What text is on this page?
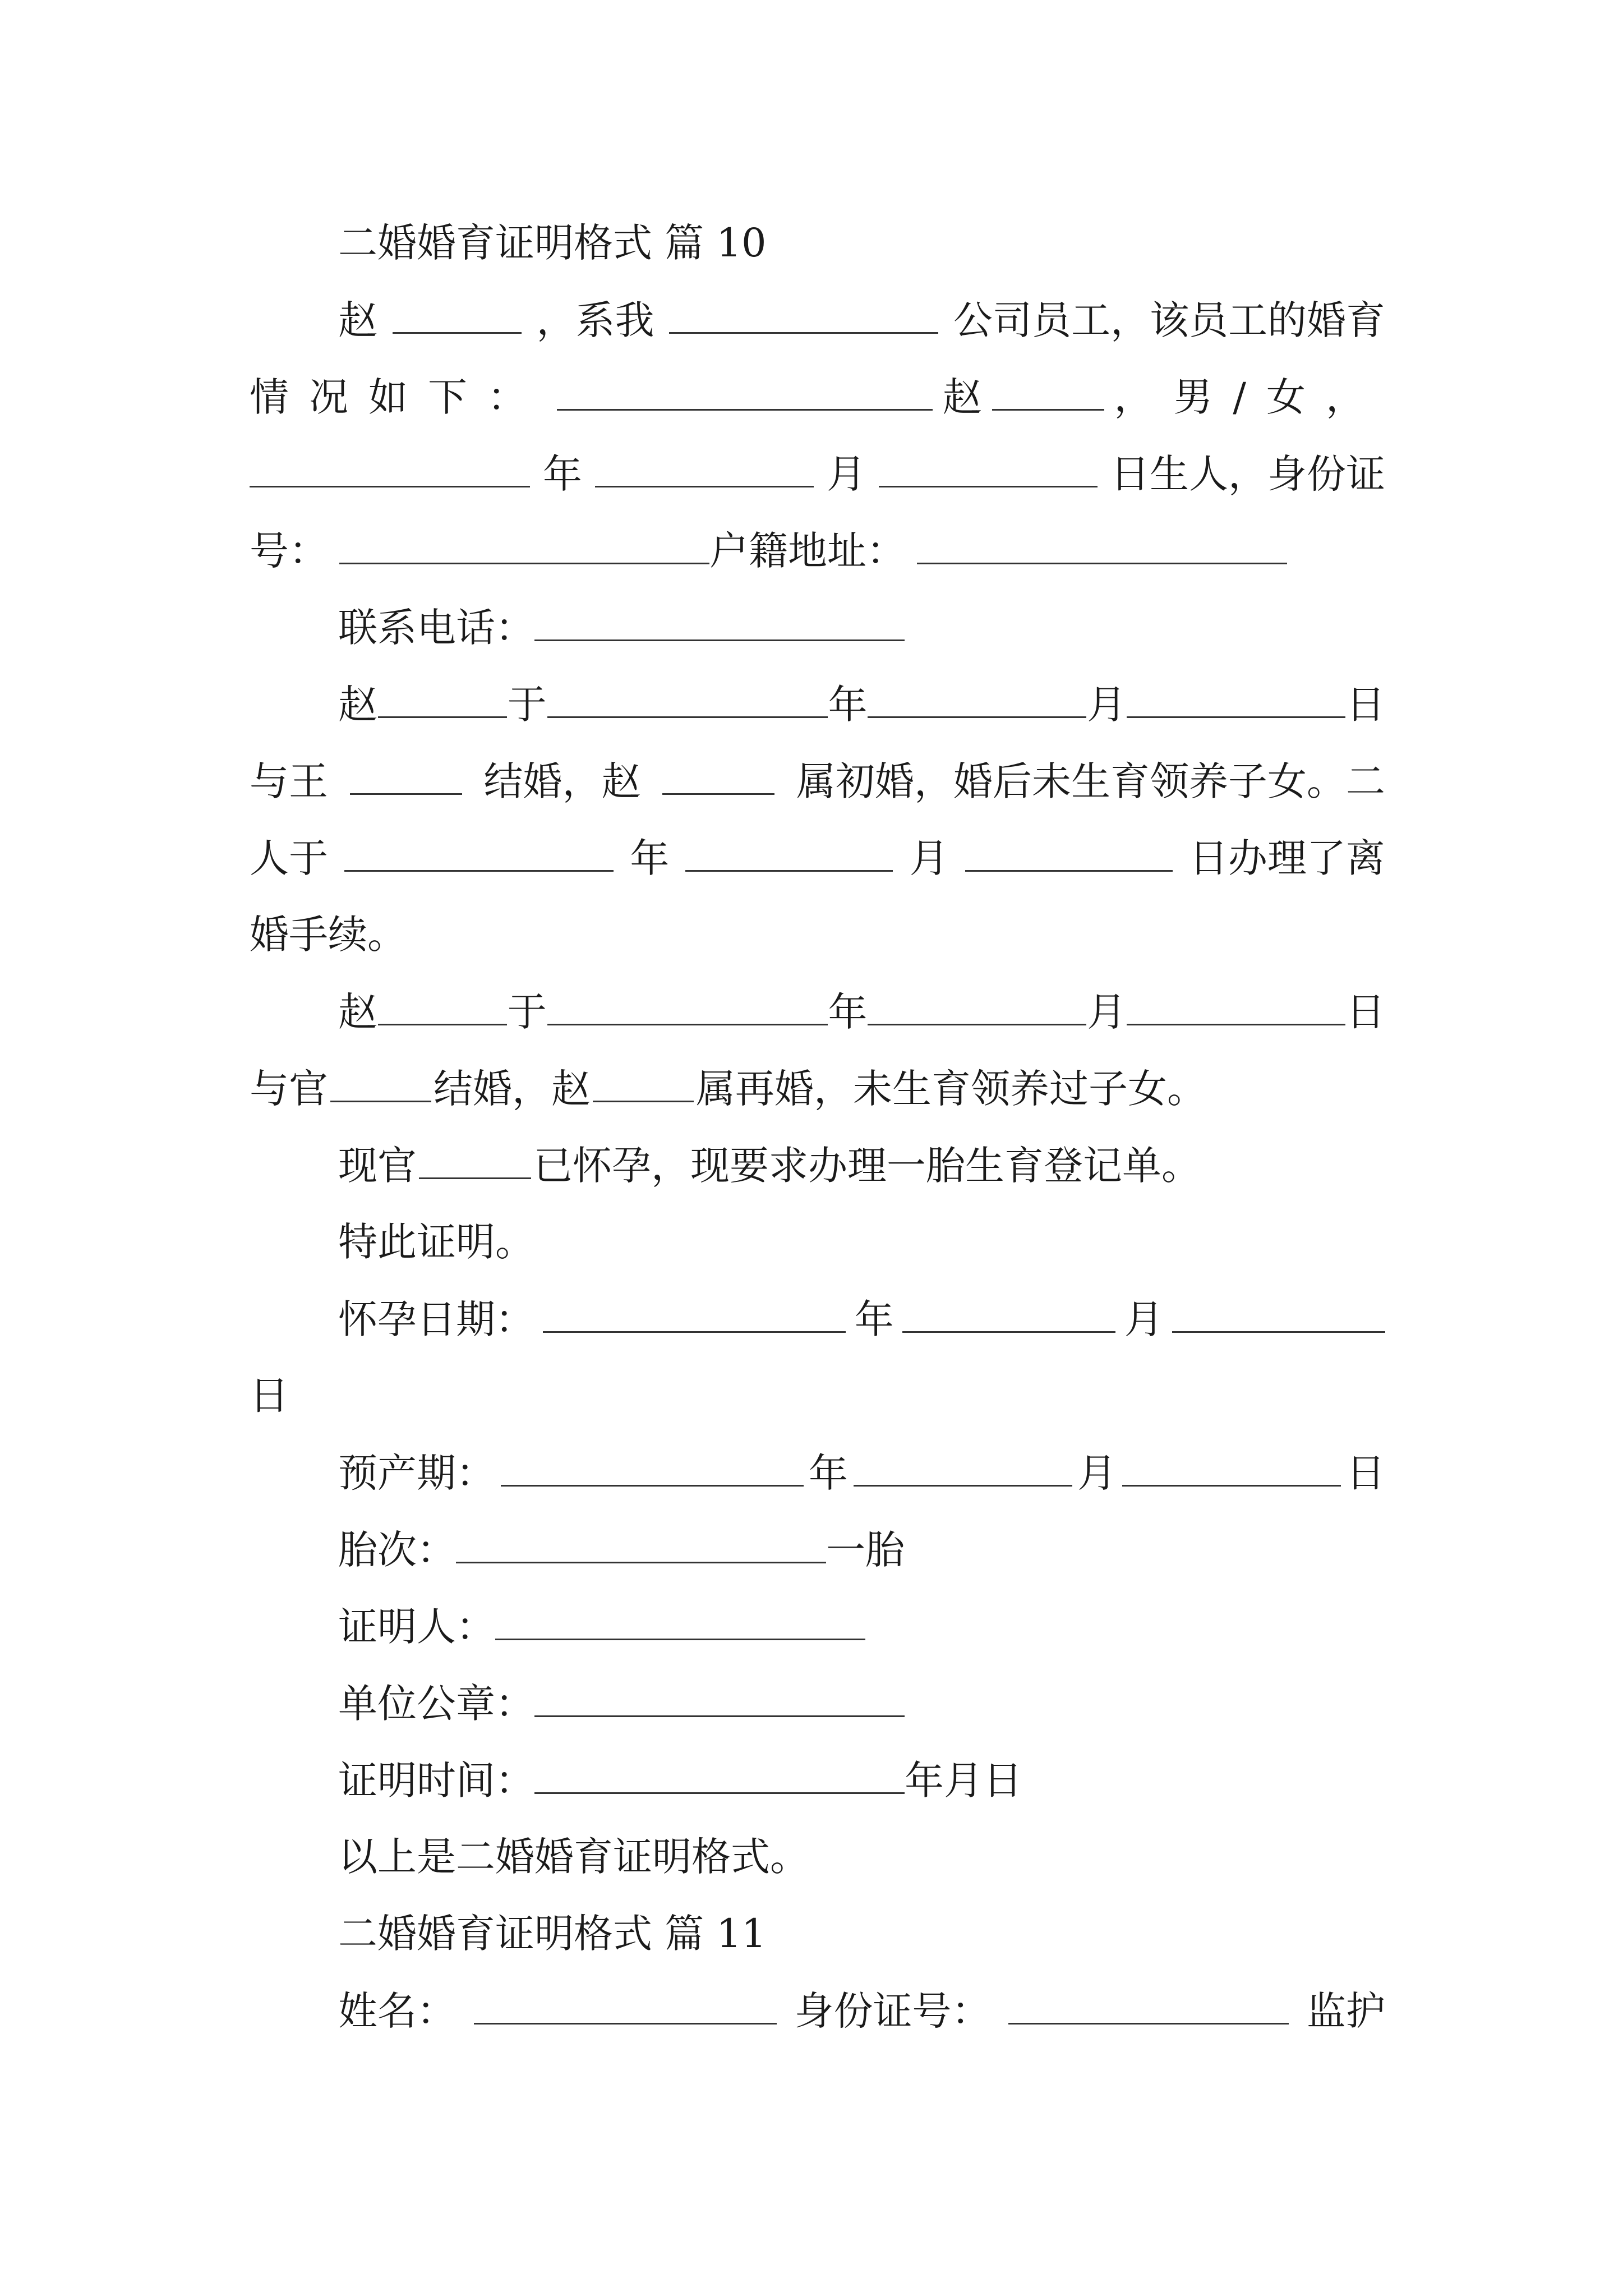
二婚婚育证明格式 篇 10
赵	，系我	公司员工，该员工的婚育
情况如下：	赵	，男/女，
年	月	日生人，身份证
号：	户籍地址：
联系电话：
赵	于	年	月	日
与王	结婚，赵	属初婚，婚后未生育领养子女。二
人于	年	月	日办理了离
婚手续。
赵	于	年	月	日
与官	结婚，赵	属再婚，未生育领养过子女。
现官	已怀孕，现要求办理一胎生育登记单。
特此证明。
怀孕日期：	年	月
日
预产期：	年	月	日
胎次：	一胎
证明人：
单位公章：
证明时间：	年月日
以上是二婚婚育证明格式。
二婚婚育证明格式 篇 11
姓名：	身份证号：	监护
